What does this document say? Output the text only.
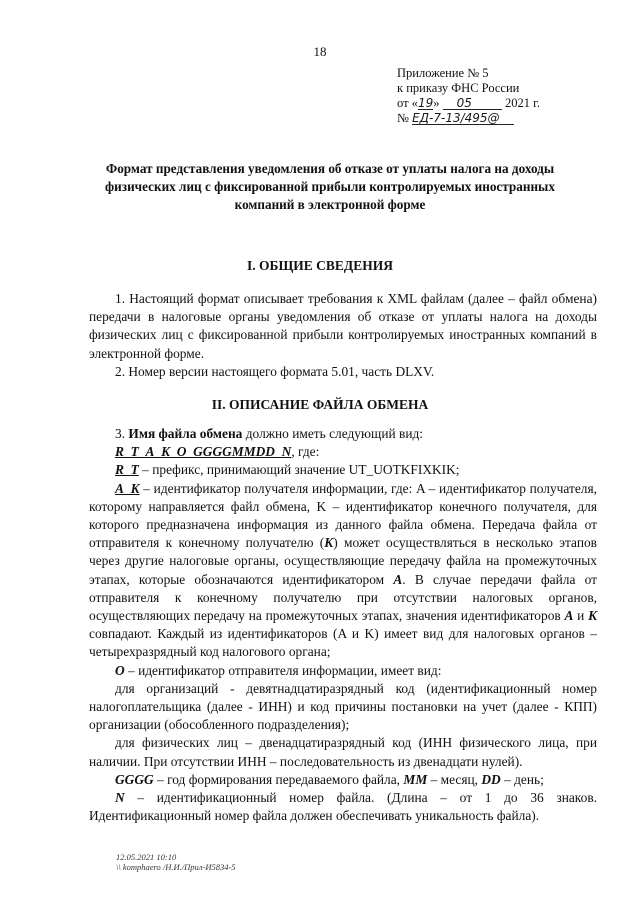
18
Приложение № 5
к приказу ФНС России
от «19» 05	2021 г.
№ ЕД-7-13/495@
Формат представления уведомления об отказе от уплаты налога на доходы физических лиц с фиксированной прибыли контролируемых иностранных компаний в электронной форме
I. ОБЩИЕ СВЕДЕНИЯ

1. Настоящий формат описывает требования к XML файлам (далее – файл обмена) передачи в налоговые органы уведомления об отказе от уплаты налога на доходы физических лиц с фиксированной прибыли контролируемых иностранных компаний в электронной форме.

2. Номер версии настоящего формата 5.01, часть DLXV.

II. ОПИСАНИЕ ФАЙЛА ОБМЕНА

3. Имя файла обмена должно иметь следующий вид:

R_T_A_K_O_GGGGMMDD_N, где:

R_T – префикс, принимающий значение UT_UOTKFIXKIK;

A_K – идентификатор получателя информации, где: A – идентификатор получателя, которому направляется файл обмена, K – идентификатор конечного получателя, для которого предназначена информация из данного файла обмена. Передача файла от отправителя к конечному получателю (K) может осуществляться в несколько этапов через другие налоговые органы, осуществляющие передачу файла на промежуточных этапах, которые обозначаются идентификатором A. В случае передачи файла от отправителя к конечному получателю при отсутствии налоговых органов, осуществляющих передачу на промежуточных этапах, значения идентификаторов A и K совпадают. Каждый из идентификаторов (A и K) имеет вид для налоговых органов – четырехразрядный код налогового органа;

O – идентификатор отправителя информации, имеет вид:

для организаций - девятнадцатиразрядный код (идентификационный номер налогоплательщика (далее - ИНН) и код причины постановки на учет (далее - КПП) организации (обособленного подразделения);

для физических лиц – двенадцатиразрядный код (ИНН физического лица, при наличии. При отсутствии ИНН – последовательность из двенадцати нулей).

GGGG – год формирования передаваемого файла, MM – месяц, DD – день;

N – идентификационный номер файла. (Длина – от 1 до 36 знаков. Идентификационный номер файла должен обеспечивать уникальность файла).

12.05.2021 10:10
\\ komphaero /Н.И./Прил-И5834-5
